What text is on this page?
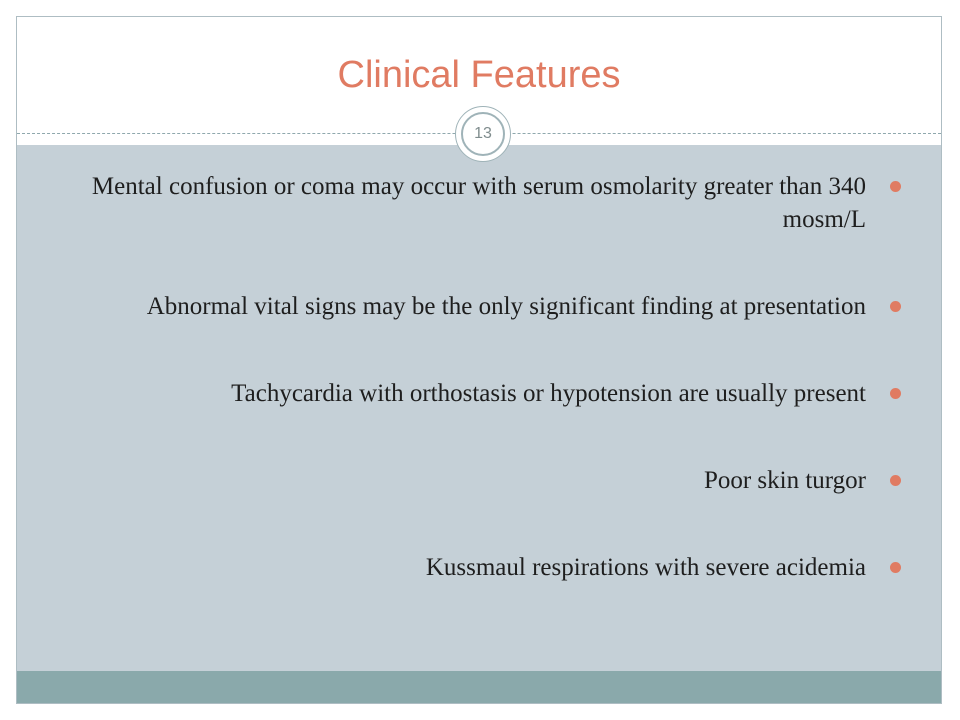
Clinical Features
13
Mental confusion or coma may occur with serum osmolarity greater than 340 mosm/L
Abnormal vital signs may be the only significant finding at presentation
Tachycardia with orthostasis or hypotension are usually present
Poor skin turgor
Kussmaul respirations with severe acidemia
